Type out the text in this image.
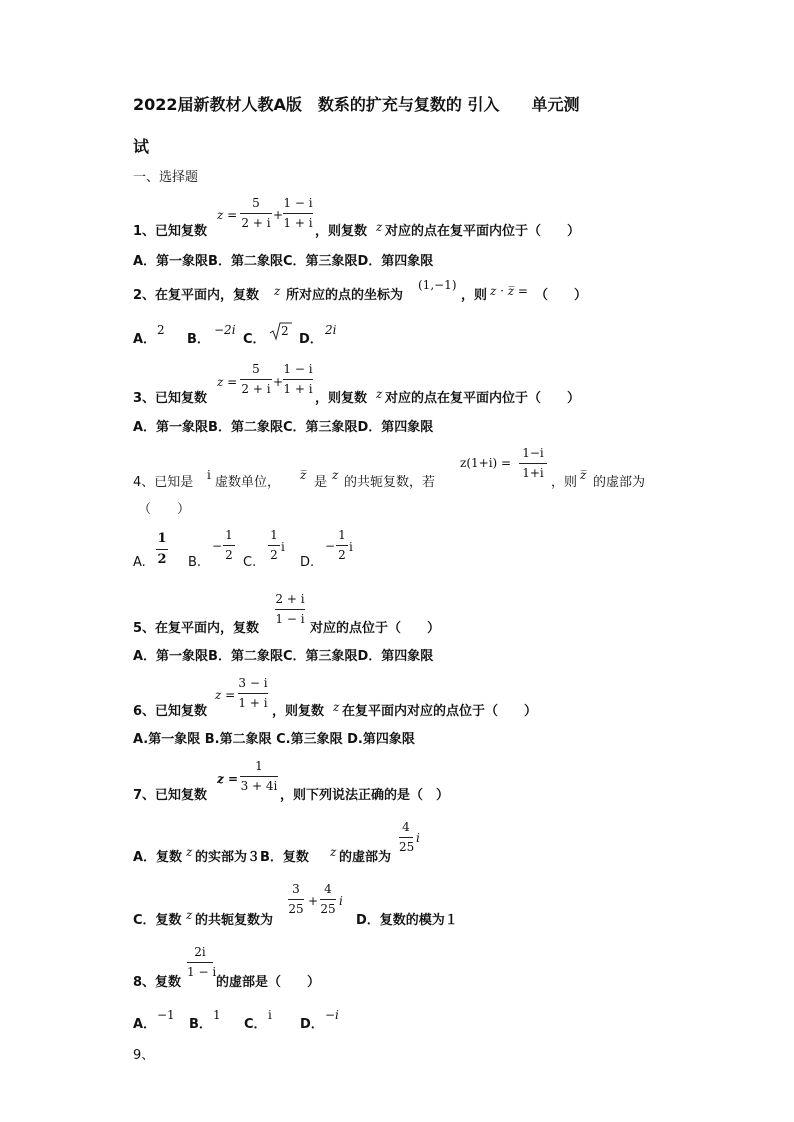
2022届新教材人教A版　数系的扩充与复数的 引入　　单元测
试
一、选择题
1、已知复数
z =
5
2 + i
+
1 − i
1 + i
，则复数 z 对应的点在复平面内位于（　　）
A．第一象限B．第二象限C．第三象限D．第四象限
2、在复平面内，复数 z 所对应的点的坐标为
(1,−1)
，则 z · z̅ = （　　）
A．
2
B．
−2i
C．
2
D．
2i
3、已知复数
z =
5
2 + i +
1 − i
1 + i
，则复数 z 对应的点在复平面内位于（　　）
A．第一象限B．第二象限C．第三象限D．第四象限
4、已知是 i 虚数单位， z̅ 是 z 的共轭复数，若
z(1+i) =
1−i
1+i
，则 z̅ 的虚部为
（　　）
A.
1
2 B.
−
1
2 C.
1
2
i
D.
−
1
2
i
5、在复平面内，复数
2 + i
1 − i
对应的点位于（　　）
A．第一象限B．第二象限C．第三象限D．第四象限
6、已知复数
z =
3 − i
1 + i
，则复数 z 在复平面内对应的点位于（　　）
A.第一象限 B.第二象限 C.第三象限 D.第四象限
7、已知复数
z =
1
3 + 4i
，则下列说法正确的是（　）
A．复数 z 的实部为３B．复数 z 的虚部为
4
25
i
C．复数 z 的共轭复数为
3
25
+
4
25
i
D．复数的模为１
8、复数
2i
1 − i
的虚部是（　　）
A．
−1
B．
1
C．
i
D．
−i
9、
